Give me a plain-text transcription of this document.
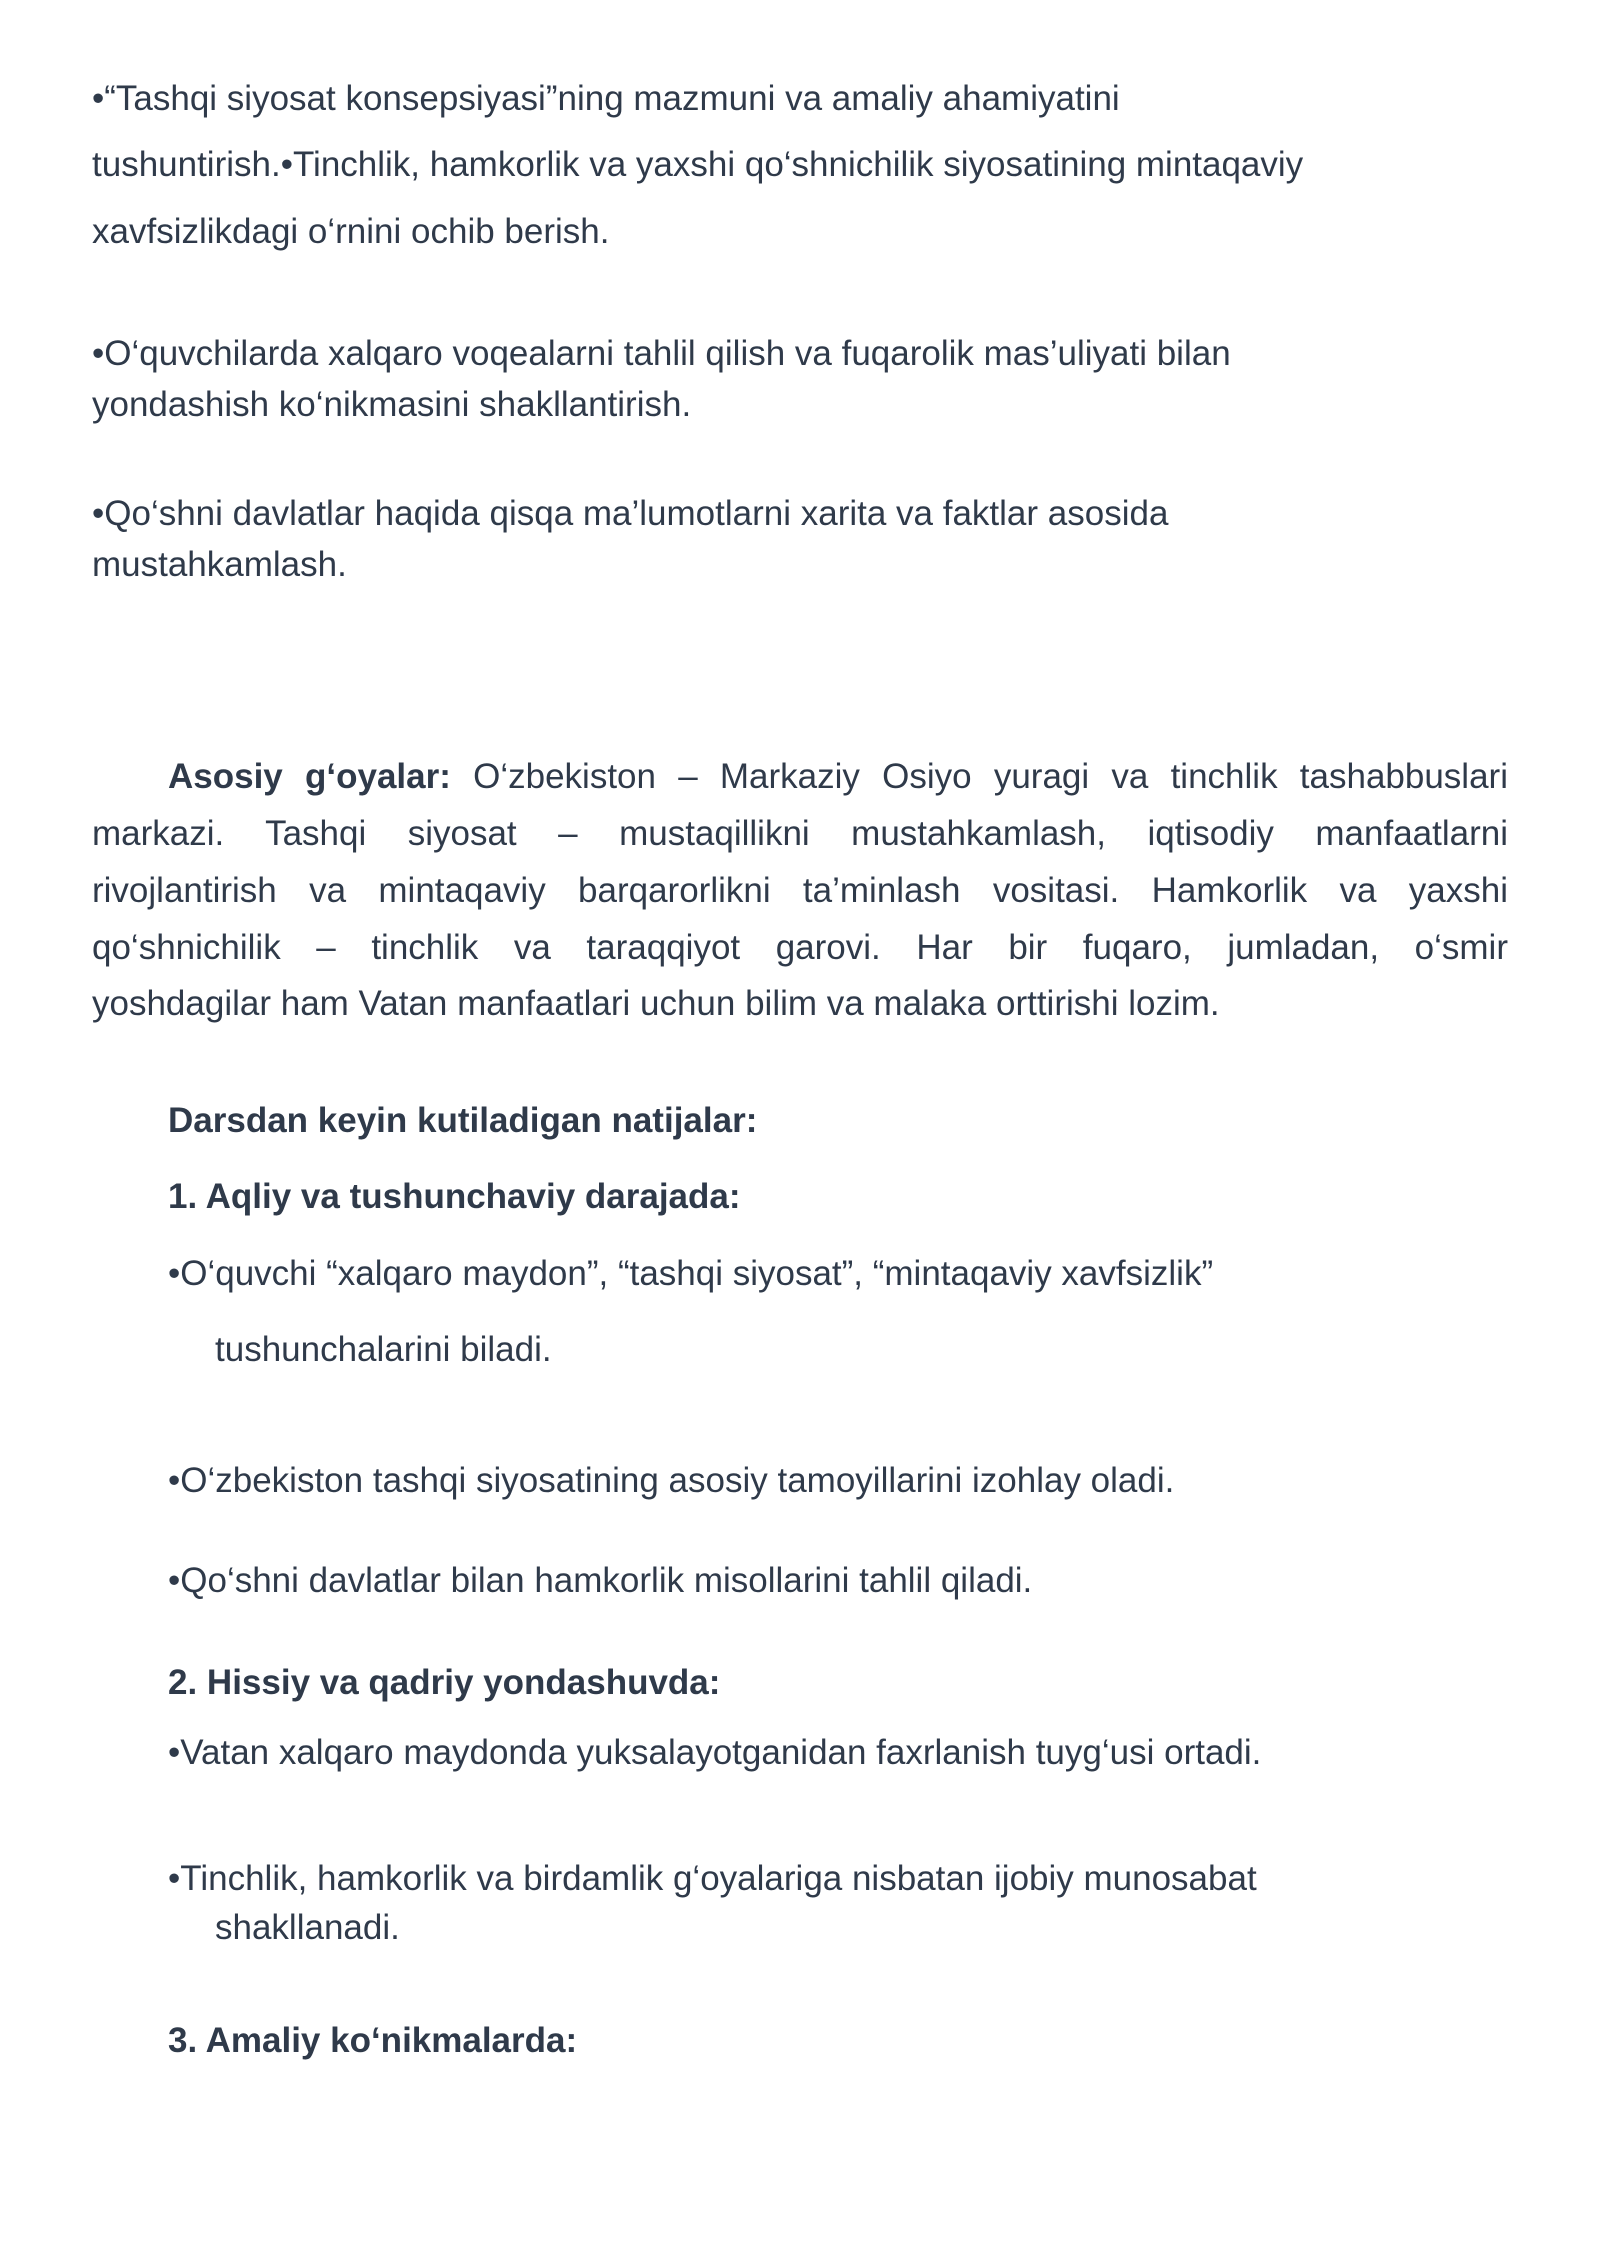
•“Tashqi siyosat konsepsiyasi”ning mazmuni va amaliy ahamiyatini
tushuntirish.•Tinchlik, hamkorlik va yaxshi qo‘shnichilik siyosatining mintaqaviy
xavfsizlikdagi o‘rnini ochib berish.
•O‘quvchilarda xalqaro voqealarni tahlil qilish va fuqarolik mas’uliyati bilan
yondashish ko‘nikmasini shakllantirish.
•Qo‘shni davlatlar haqida qisqa ma’lumotlarni xarita va faktlar asosida
mustahkamlash.
Asosiy g‘oyalar: O‘zbekiston – Markaziy Osiyo yuragi va tinchlik tashabbuslari
markazi. Tashqi siyosat – mustaqillikni mustahkamlash, iqtisodiy manfaatlarni
rivojlantirish va mintaqaviy barqarorlikni ta’minlash vositasi. Hamkorlik va yaxshi
qo‘shnichilik – tinchlik va taraqqiyot garovi. Har bir fuqaro, jumladan, o‘smir
yoshdagilar ham Vatan manfaatlari uchun bilim va malaka orttirishi lozim.
Darsdan keyin kutiladigan natijalar:
1. Aqliy va tushunchaviy darajada:
•O‘quvchi “xalqaro maydon”, “tashqi siyosat”, “mintaqaviy xavfsizlik”
tushunchalarini biladi.
•O‘zbekiston tashqi siyosatining asosiy tamoyillarini izohlay oladi.
•Qo‘shni davlatlar bilan hamkorlik misollarini tahlil qiladi.
2. Hissiy va qadriy yondashuvda:
•Vatan xalqaro maydonda yuksalayotganidan faxrlanish tuyg‘usi ortadi.
•Tinchlik, hamkorlik va birdamlik g‘oyalariga nisbatan ijobiy munosabat
shakllanadi.
3. Amaliy ko‘nikmalarda:
